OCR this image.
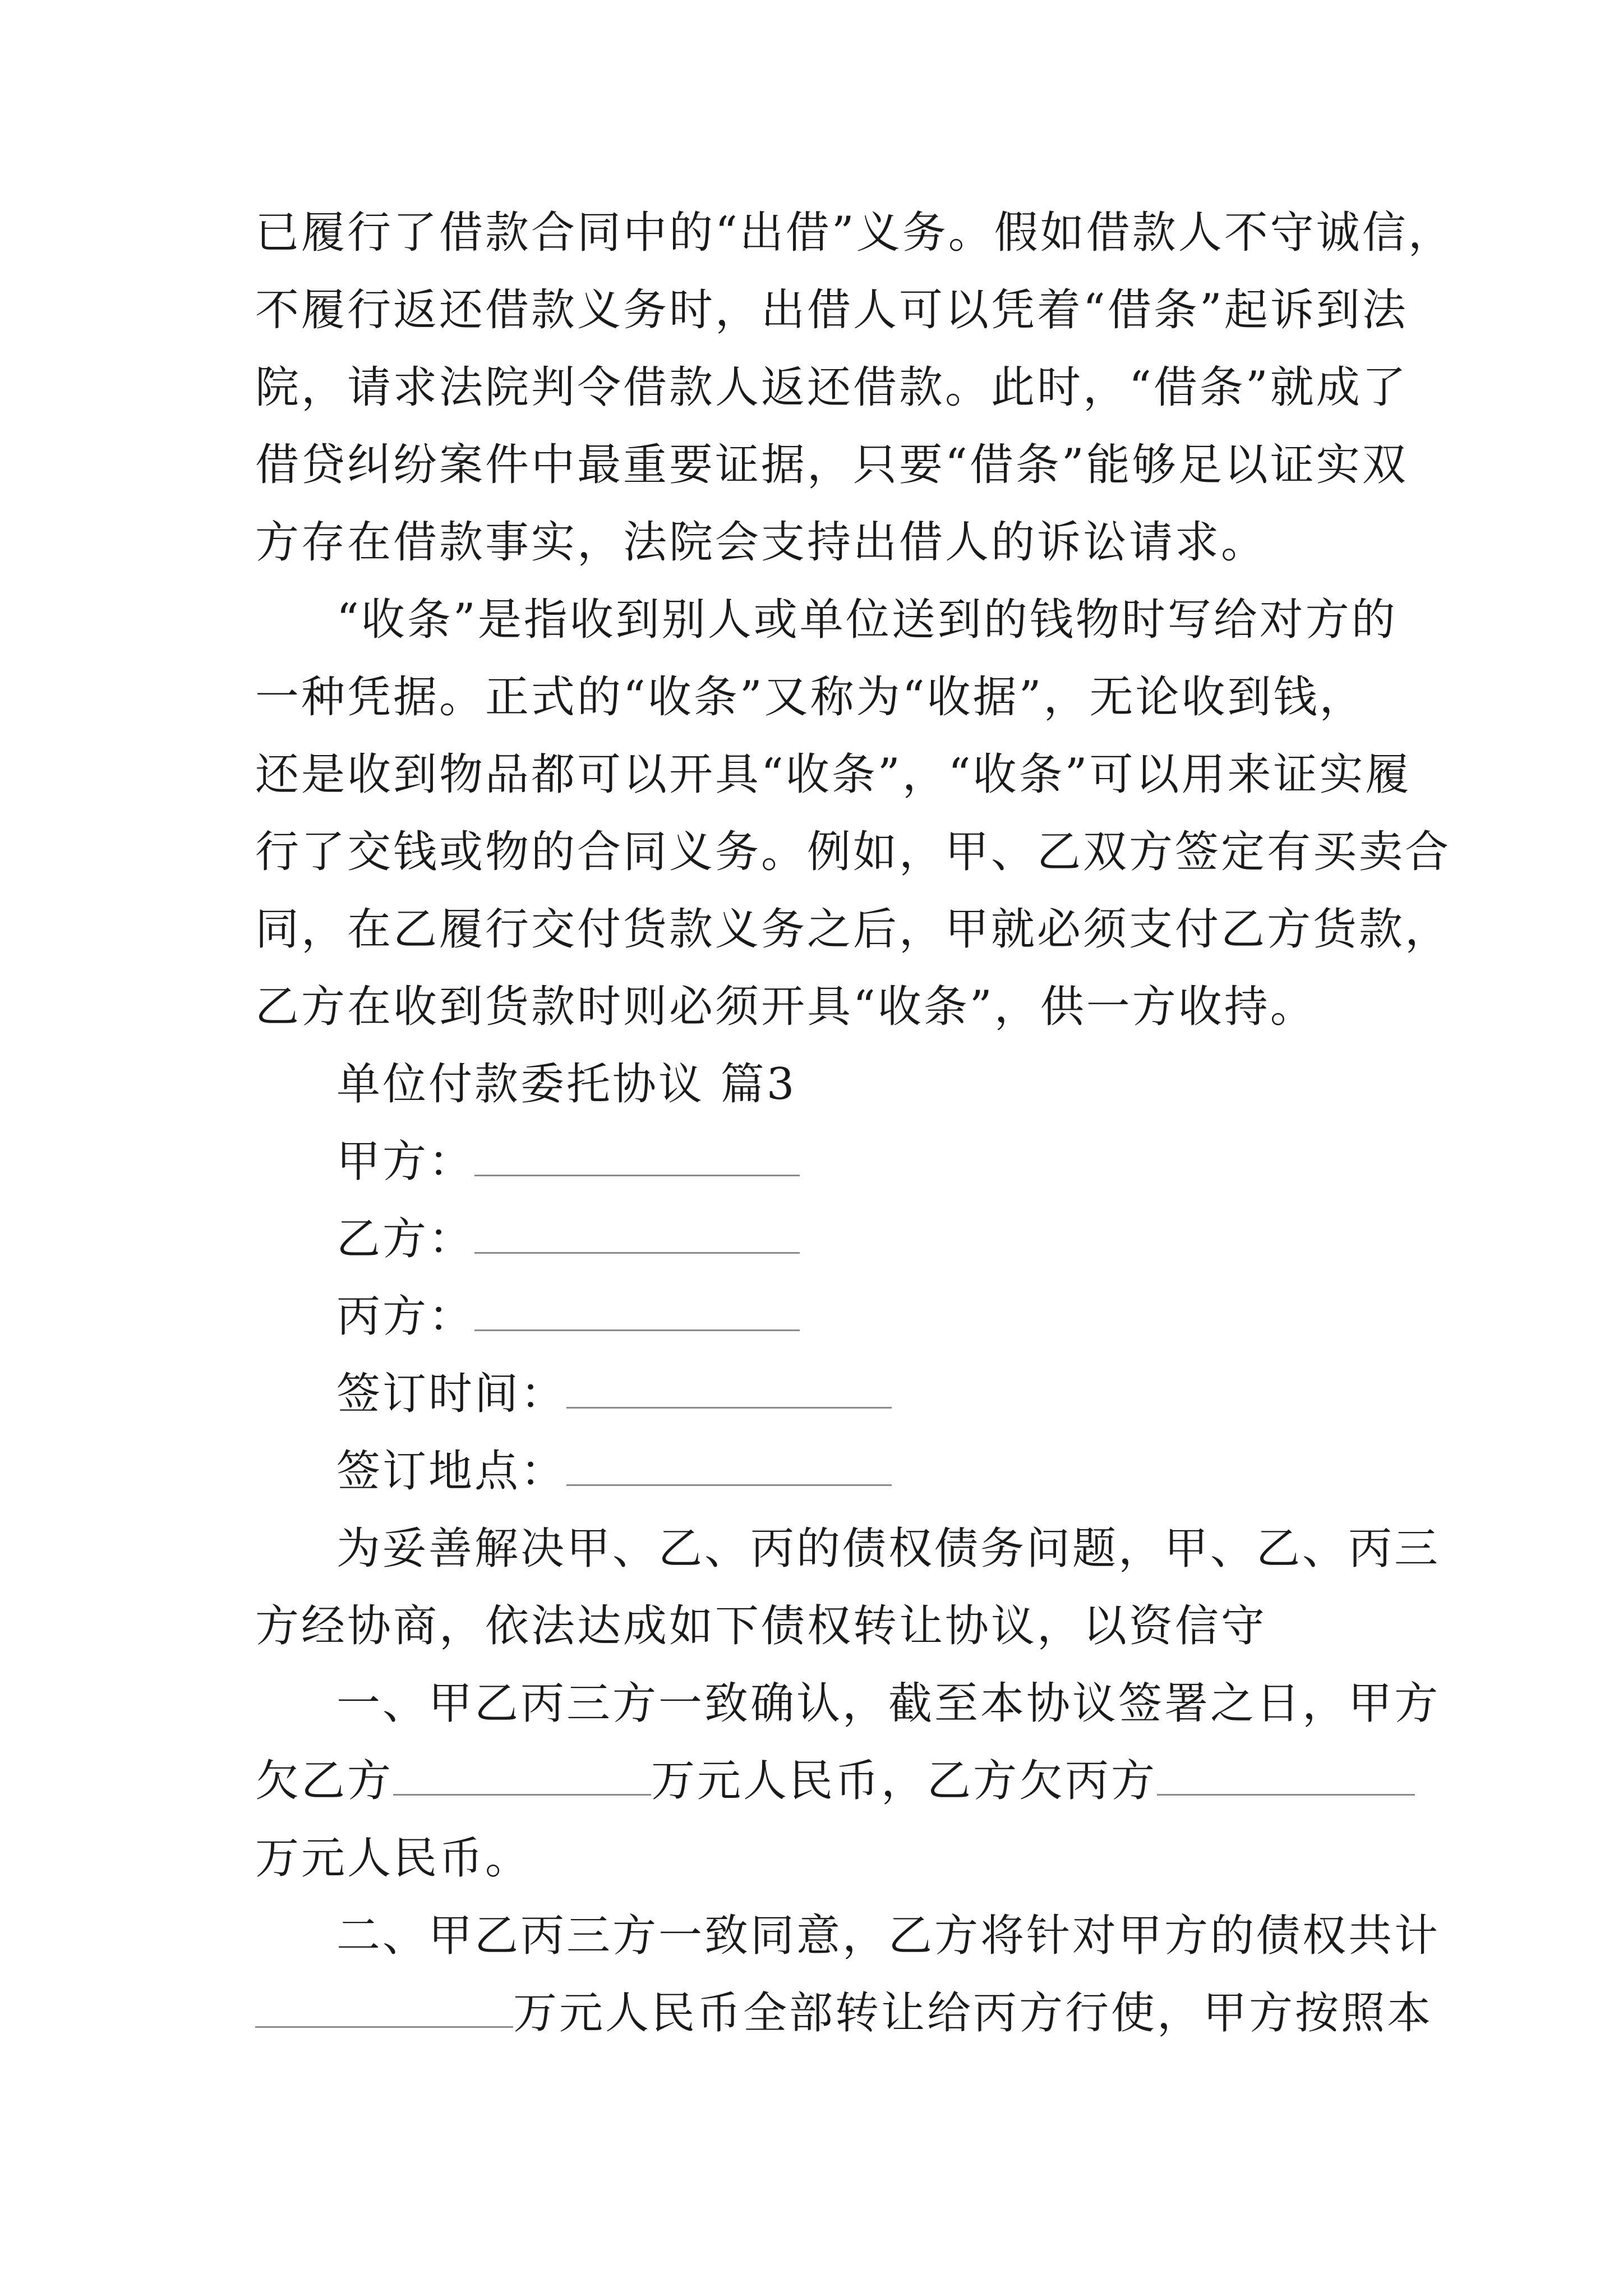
已履行了借款合同中的“出借”义务。假如借款人不守诚信，
不履行返还借款义务时，出借人可以凭着“借条”起诉到法
院，请求法院判令借款人返还借款。此时，“借条”就成了
借贷纠纷案件中最重要证据，只要“借条”能够足以证实双
方存在借款事实，法院会支持出借人的诉讼请求。
“收条”是指收到别人或单位送到的钱物时写给对方的
一种凭据。正式的“收条”又称为“收据”，无论收到钱，
还是收到物品都可以开具“收条”，“收条”可以用来证实履
行了交钱或物的合同义务。例如，甲、乙双方签定有买卖合
同，在乙履行交付货款义务之后，甲就必须支付乙方货款，
乙方在收到货款时则必须开具“收条”，供一方收持。
单位付款委托协议 篇3
甲方：
乙方：
丙方：
签订时间：
签订地点：
为妥善解决甲、乙、丙的债权债务问题，甲、乙、丙三
方经协商，依法达成如下债权转让协议，以资信守
一、甲乙丙三方一致确认，截至本协议签署之日，甲方
欠乙方	万元人民币，乙方欠丙方
万元人民币。
二、甲乙丙三方一致同意，乙方将针对甲方的债权共计
万元人民币全部转让给丙方行使，甲方按照本
